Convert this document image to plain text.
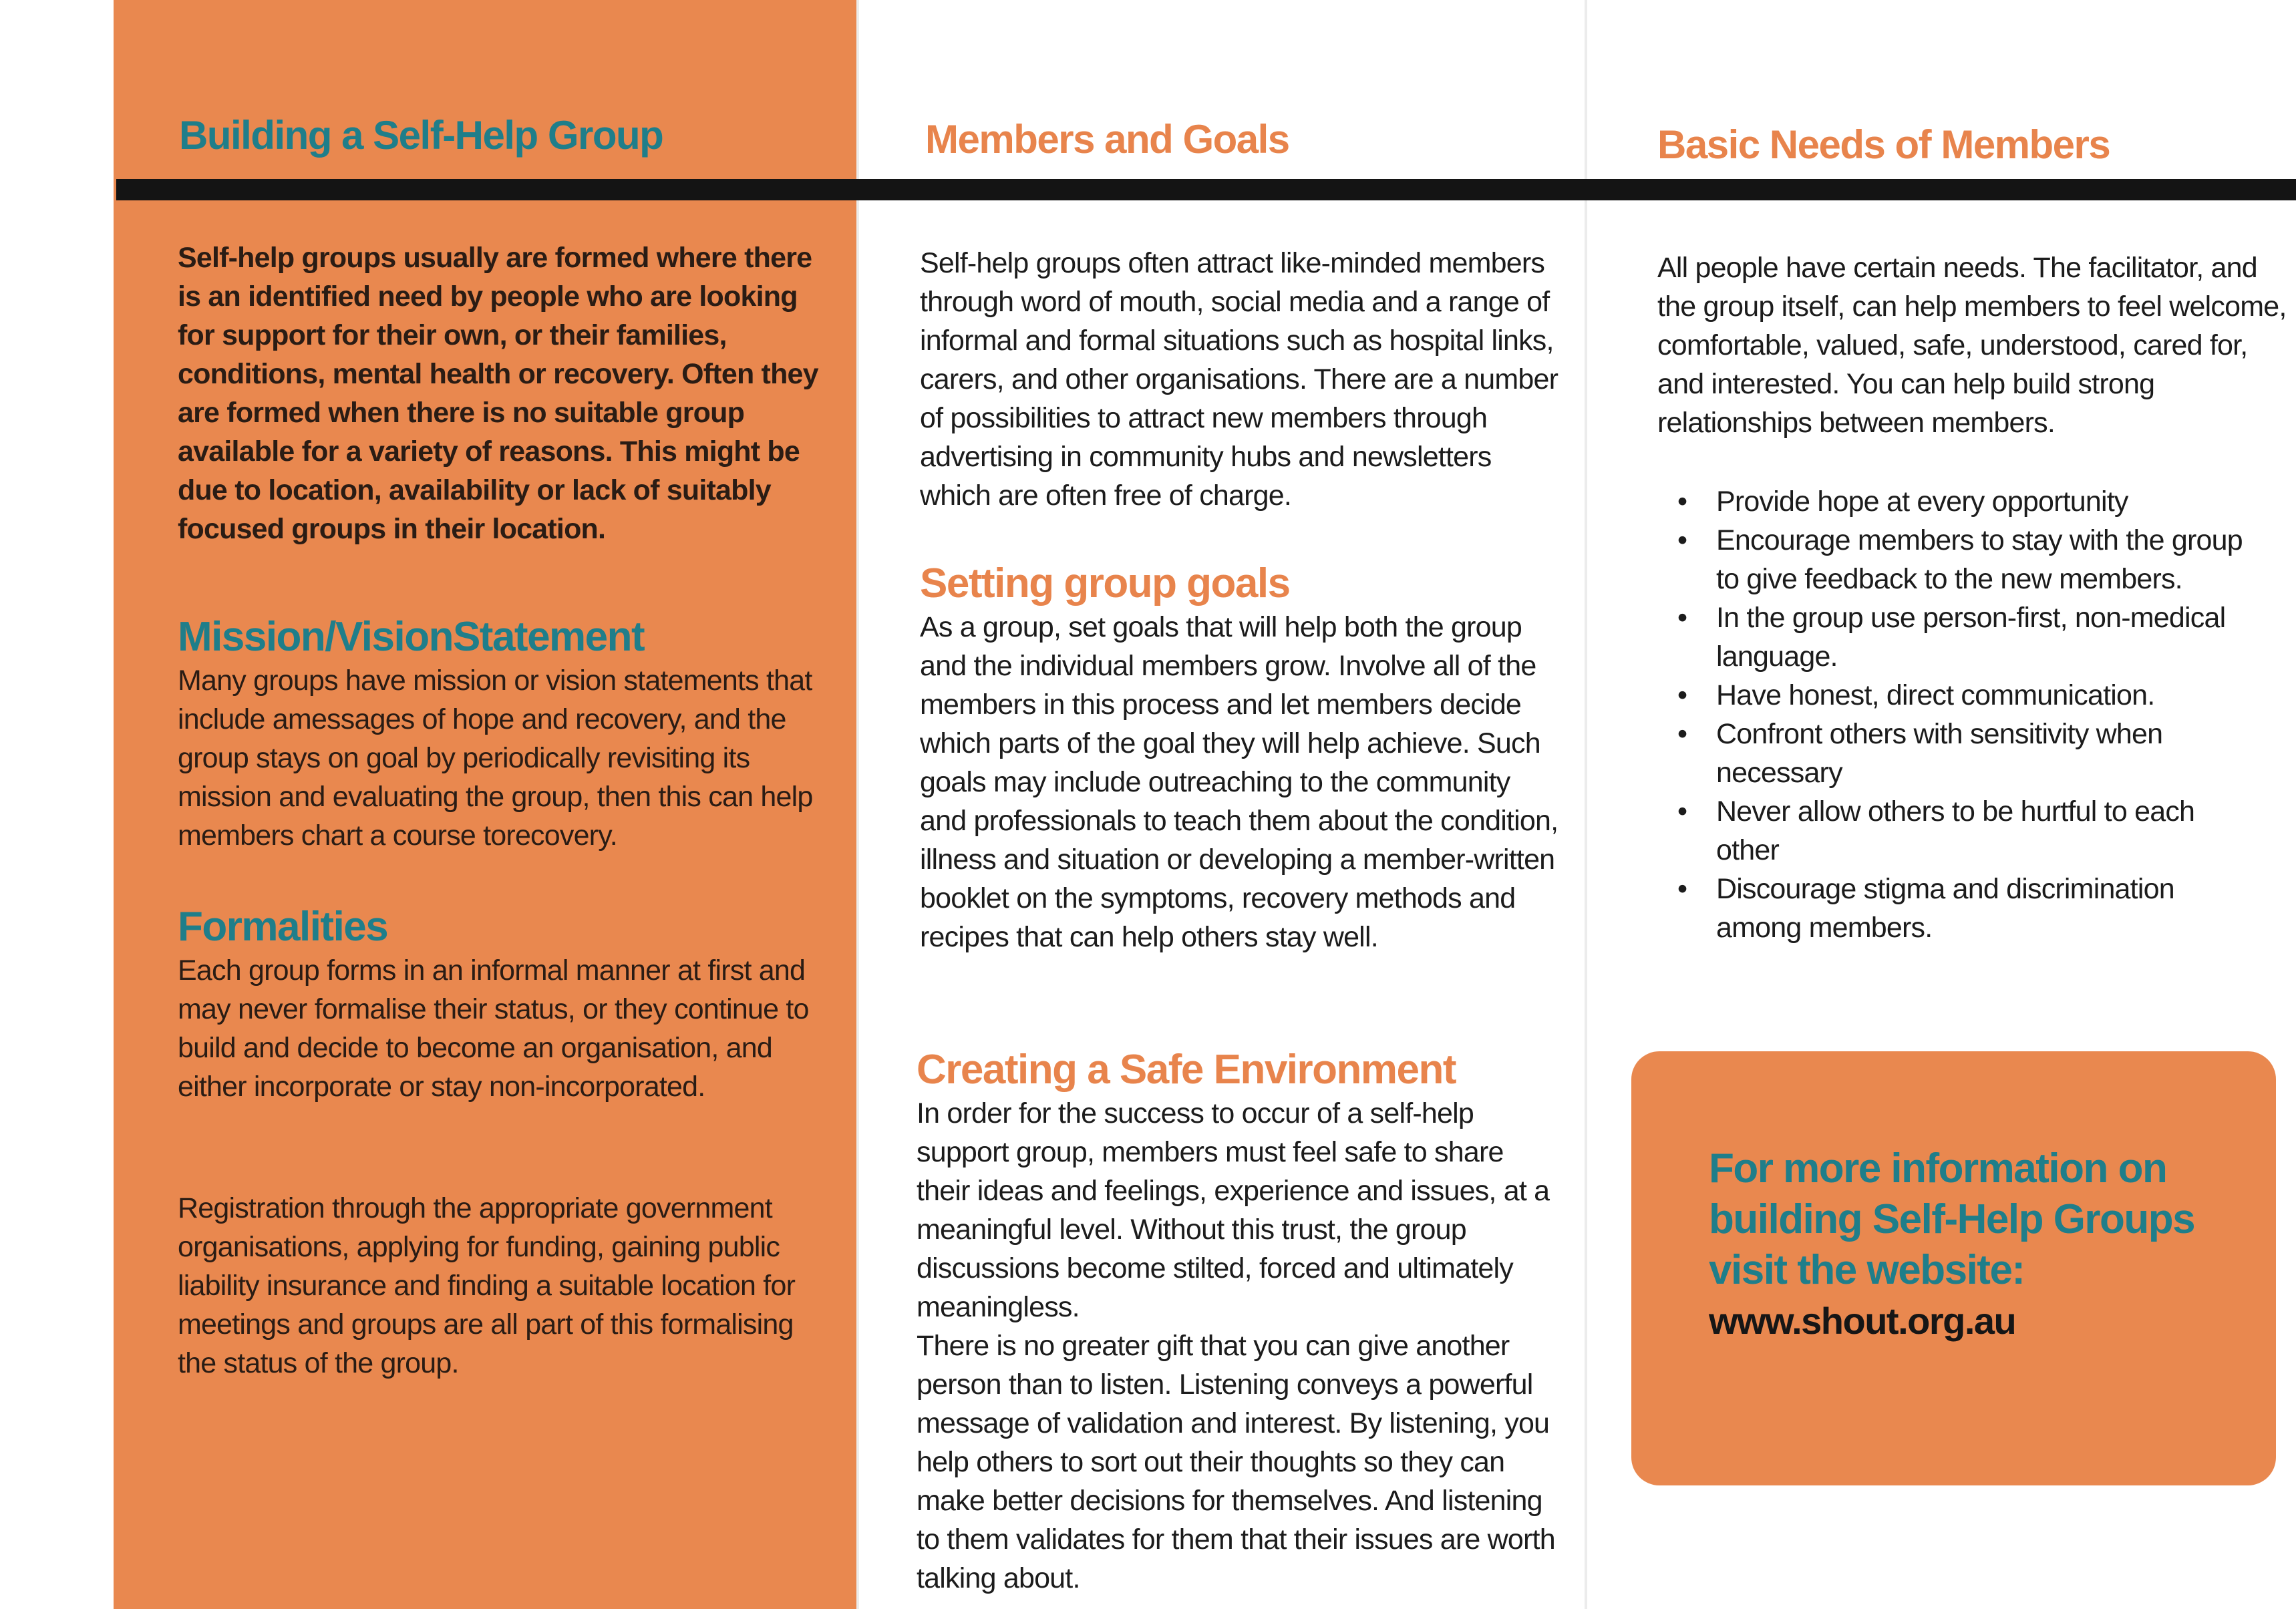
Building a Self-Help Group	Members and Goals	Basic Needs of Members

Self-help groups usually are formed where there is an identified need by people who are looking for support for their own, or their families, conditions, mental health or recovery. Often they are formed when there is no suitable group available for a variety of reasons. This might be due to location, availability or lack of suitably focused groups in their location.

Mission/VisionStatement

Many groups have mission or vision statements that include amessages of hope and recovery, and the group stays on goal by periodically revisiting its mission and evaluating the group, then this can help members chart a course torecovery.

Formalities

Each group forms in an informal manner at first and may never formalise their status, or they continue to build and decide to become an organisation, and either incorporate or stay non-incorporated.

Registration through the appropriate government organisations, applying for funding, gaining public liability insurance and finding a suitable location for meetings and groups are all part of this formalising the status of the group.

Self-help groups often attract like-minded members through word of mouth, social media and a range of informal and formal situations such as hospital links, carers, and other organisations. There are a number of possibilities to attract new members through advertising in community hubs and newsletters which are often free of charge.

Setting group goals

As a group, set goals that will help both the group and the individual members grow. Involve all of the members in this process and let members decide which parts of the goal they will help achieve. Such goals may include outreaching to the community and professionals to teach them about the condition, illness and situation or developing a member-written booklet on the symptoms, recovery methods and recipes that can help others stay well.

Creating a Safe Environment

In order for the success to occur of a self-help support group, members must feel safe to share their ideas and feelings, experience and issues, at a meaningful level. Without this trust, the group discussions become stilted, forced and ultimately meaningless.

There is no greater gift that you can give another person than to listen. Listening conveys a powerful message of validation and interest. By listening, you help others to sort out their thoughts so they can make better decisions for themselves. And listening to them validates for them that their issues are worth talking about.

All people have certain needs. The facilitator, and the group itself, can help members to feel welcome, comfortable, valued, safe, understood, cared for, and interested. You can help build strong relationships between members.

• Provide hope at every opportunity
• Encourage members to stay with the group to give feedback to the new members.
• In the group use person-first, non-medical language.
• Have honest, direct communication.
• Confront others with sensitivity when necessary
• Never allow others to be hurtful to each other
• Discourage stigma and discrimination among members.
For more information on
building Self-Help Groups
visit the website:
www.shout.org.au
